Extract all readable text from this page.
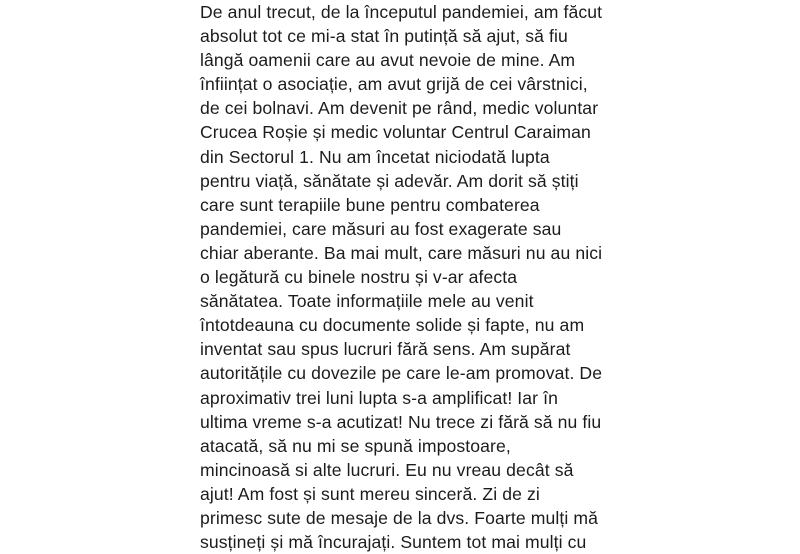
De anul trecut, de la începutul pandemiei, am făcut
absolut tot ce mi-a stat în putință să ajut, să fiu
lângă oamenii care au avut nevoie de mine. Am
înființat o asociație, am avut grijă de cei vârstnici,
de cei bolnavi. Am devenit pe rând, medic voluntar
Crucea Roșie și medic voluntar Centrul Caraiman
din Sectorul 1. Nu am încetat niciodată lupta
pentru viață, sănătate și adevăr. Am dorit să știți
care sunt terapiile bune pentru combaterea
pandemiei, care măsuri au fost exagerate sau
chiar aberante. Ba mai mult, care măsuri nu au nici
o legătură cu binele nostru și v-ar afecta
sănătatea. Toate informațiile mele au venit
întotdeauna cu documente solide și fapte, nu am
inventat sau spus lucruri fără sens. Am supărat
autoritățile cu dovezile pe care le-am promovat. De
aproximativ trei luni lupta s-a amplificat! Iar în
ultima vreme s-a acutizat! Nu trece zi fără să nu fiu
atacată, să nu mi se spună impostoare,
mincinoasă si alte lucruri. Eu nu vreau decât să
ajut! Am fost și sunt mereu sinceră. Zi de zi
primesc sute de mesaje de la dvs. Foarte mulți mă
susțineți și mă încurajați. Suntem tot mai mulți cu
